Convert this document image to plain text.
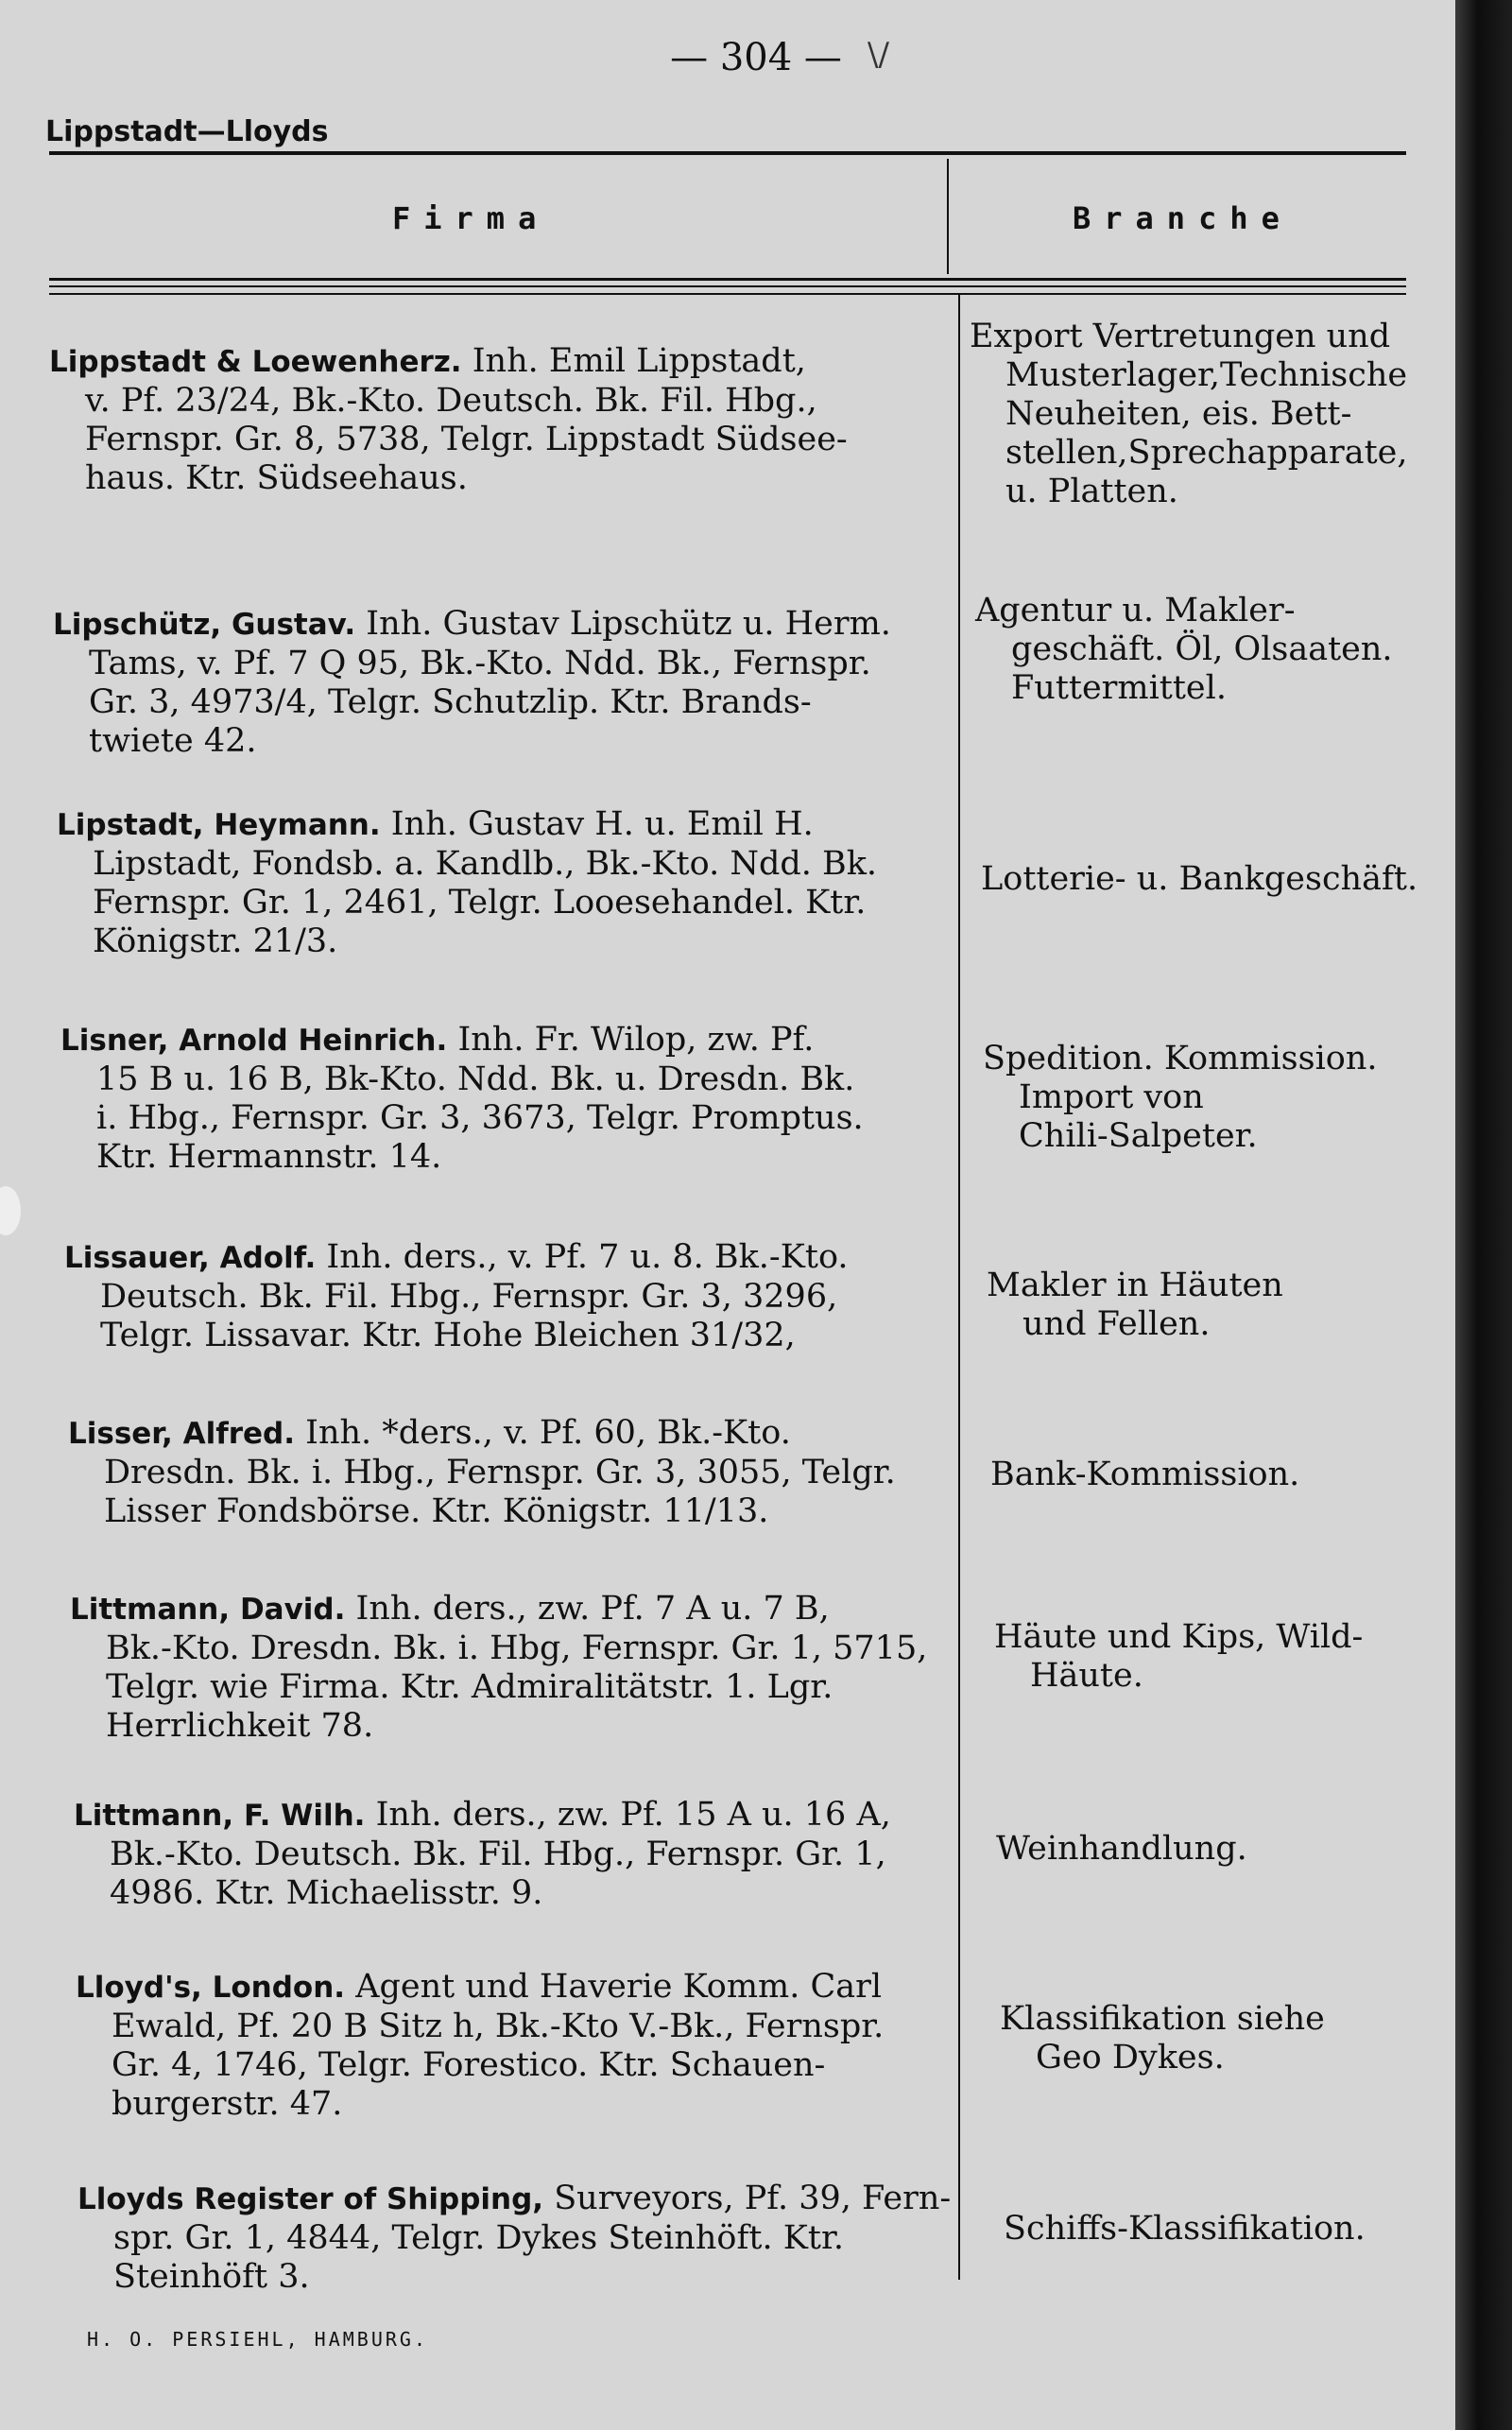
— 304 — \/
Lippstadt—Lloyds
Firma	Branche
Lippstadt & Loewenherz. Inh. Emil Lippstadt,
v. Pf. 23/24, Bk.-Kto. Deutsch. Bk. Fil. Hbg.,
Fernspr. Gr. 8, 5738, Telgr. Lippstadt Südsee-
haus. Ktr. Südseehaus.
Export Vertretungen und
Musterlager,Technische
Neuheiten, eis. Bett-
stellen,Sprechapparate,
u. Platten.
Lipschütz, Gustav. Inh. Gustav Lipschütz u. Herm.
Tams, v. Pf. 7 Q 95, Bk.-Kto. Ndd. Bk., Fernspr.
Gr. 3, 4973/4, Telgr. Schutzlip. Ktr. Brands-
twiete 42.
Agentur u. Makler-
geschäft. Öl, Olsaaten.
Futtermittel.
Lipstadt, Heymann. Inh. Gustav H. u. Emil H.
Lipstadt, Fondsb. a. Kandlb., Bk.-Kto. Ndd. Bk.
Fernspr. Gr. 1, 2461, Telgr. Looesehandel. Ktr.
Königstr. 21/3.
Lotterie- u. Bankgeschäft.
Lisner, Arnold Heinrich. Inh. Fr. Wilop, zw. Pf.
15 B u. 16 B, Bk-Kto. Ndd. Bk. u. Dresdn. Bk.
i. Hbg., Fernspr. Gr. 3, 3673, Telgr. Promptus.
Ktr. Hermannstr. 14.
Spedition. Kommission.
Import von
Chili-Salpeter.
Lissauer, Adolf. Inh. ders., v. Pf. 7 u. 8. Bk.-Kto.
Deutsch. Bk. Fil. Hbg., Fernspr. Gr. 3, 3296,
Telgr. Lissavar. Ktr. Hohe Bleichen 31/32,
Makler in Häuten
und Fellen.
Lisser, Alfred. Inh. *ders., v. Pf. 60, Bk.-Kto.
Dresdn. Bk. i. Hbg., Fernspr. Gr. 3, 3055, Telgr.
Lisser Fondsbörse. Ktr. Königstr. 11/13.
Bank-Kommission.
Littmann, David. Inh. ders., zw. Pf. 7 A u. 7 B,
Bk.-Kto. Dresdn. Bk. i. Hbg, Fernspr. Gr. 1, 5715,
Telgr. wie Firma. Ktr. Admiralitätstr. 1. Lgr.
Herrlichkeit 78.
Häute und Kips, Wild-
Häute.
Littmann, F. Wilh. Inh. ders., zw. Pf. 15 A u. 16 A,
Bk.-Kto. Deutsch. Bk. Fil. Hbg., Fernspr. Gr. 1,
4986. Ktr. Michaelisstr. 9.
Weinhandlung.
Lloyd's, London. Agent und Haverie Komm. Carl
Ewald, Pf. 20 B Sitz h, Bk.-Kto V.-Bk., Fernspr.
Gr. 4, 1746, Telgr. Forestico. Ktr. Schauen-
burgerstr. 47.
Klassifikation siehe
Geo Dykes.
Lloyds Register of Shipping, Surveyors, Pf. 39, Fern-
spr. Gr. 1, 4844, Telgr. Dykes Steinhöft. Ktr.
Steinhöft 3.
Schiffs-Klassifikation.
H. O. PERSIEHL, HAMBURG.
